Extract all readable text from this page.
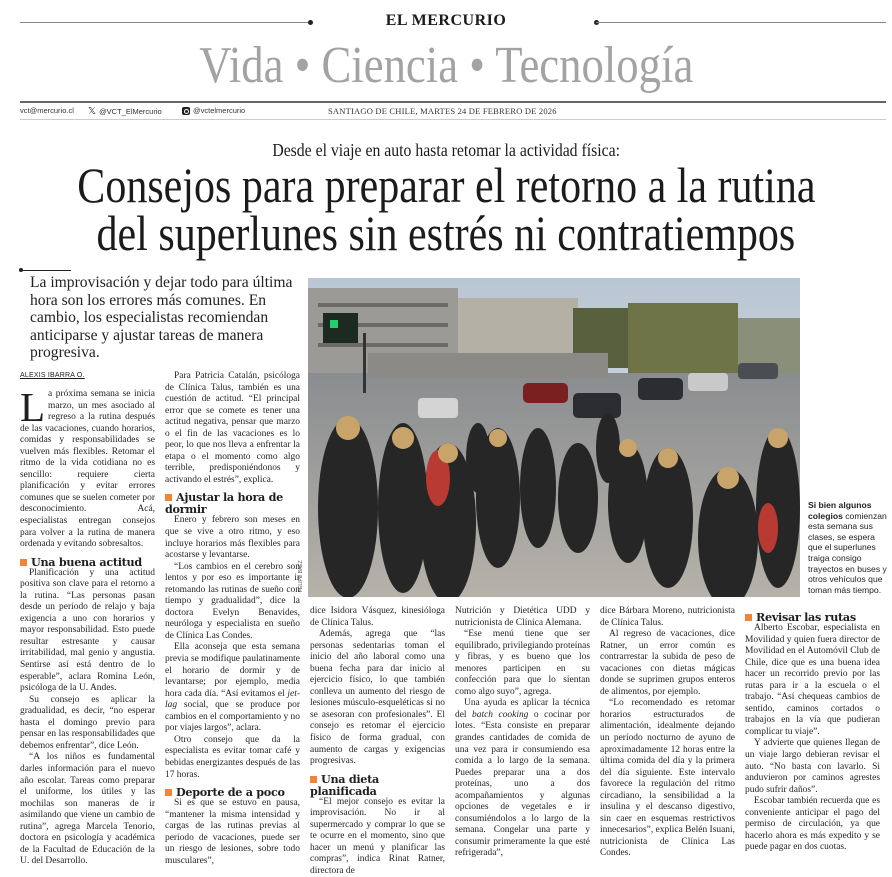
EL MERCURIO
Vida • Ciencia • Tecnología
vct@mercurio.cl 𝕏 @VCT_ElMercurio	@vctelmercurio	SANTIAGO DE CHILE, MARTES 24 DE FEBRERO DE 2026
Desde el viaje en auto hasta retomar la actividad física:
Consejos para preparar el retorno a la rutina
del superlunes sin estrés ni contratiempos
La improvisación y dejar todo para última hora son los errores más comunes. En cambio, los especialistas recomiendan anticiparse y ajustar tareas de manera progresiva.
ALEXIS IBARRA O.
FELIPE BAEZ
Si bien algunos colegios comienzan esta semana sus clases, se espera que el superlunes traiga consigo trayectos en buses y otros vehículos que toman más tiempo.

La próxima semana se inicia marzo, un mes asociado al regreso a la rutina después de las vacaciones, cuando horarios, comidas y responsabilidades se vuelven más flexibles. Retomar el ritmo de la vida cotidiana no es sencillo: requiere cierta planificación y evitar errores comunes que se suelen cometer por desconocimiento. Acá, especialistas entregan consejos para volver a la rutina de manera ordenada y evitando sobresaltos.

Una buena actitud

Planificación y una actitud positiva son clave para el retorno a la rutina. “Las personas pasan desde un período de relajo y baja exigencia a uno con horarios y mayor responsabilidad. Esto puede resultar estresante y causar irritabilidad, mal genio y angustia. Sentirse así está dentro de lo esperable”, aclara Romina León, psicóloga de la U. Andes.

Su consejo es aplicar la gradualidad, es decir, “no esperar hasta el domingo previo para pensar en las responsabilidades que debemos enfrentar”, dice León.

“A los niños es fundamental darles información para el nuevo año escolar. Tareas como preparar el uniforme, los útiles y las mochilas son maneras de ir asimilando que viene un cambio de rutina”, agrega Marcela Tenorio, doctora en psicología y académica de la Facultad de Educación de la U. del Desarrollo.

Para Patricia Catalán, psicóloga de Clínica Talus, también es una cuestión de actitud. “El principal error que se comete es tener una actitud negativa, pensar que marzo o el fin de las vacaciones es lo peor, lo que nos lleva a enfrentar la etapa o el momento como algo terrible, predisponiéndonos y activando el estrés”, explica.

Ajustar la hora de dormir

Enero y febrero son meses en que se vive a otro ritmo, y eso incluye horarios más flexibles para acostarse y levantarse.

“Los cambios en el cerebro son lentos y por eso es importante ir retomando las rutinas de sueño con tiempo y gradualidad”, dice la doctora Evelyn Benavides, neuróloga y especialista en sueño de Clínica Las Condes.

Ella aconseja que esta semana previa se modifique paulatinamente el horario de dormir y de levantarse; por ejemplo, media hora cada día. “Así evitamos el jet-lag social, que se produce por cambios en el comportamiento y no por viajes largos”, aclara.

Otro consejo que da la especialista es evitar tomar café y bebidas energizantes después de las 17 horas.

Deporte de a poco

Si es que se estuvo en pausa, “mantener la misma intensidad y cargas de las rutinas previas al período de vacaciones, puede ser un riesgo de lesiones, sobre todo musculares”,

dice Isidora Vásquez, kinesióloga de Clínica Talus.

Además, agrega que “las personas sedentarias toman el inicio del año laboral como una buena fecha para dar inicio al ejercicio físico, lo que también conlleva un aumento del riesgo de lesiones músculo-esqueléticas si no se asesoran con profesionales”. El consejo es retomar el ejercicio físico de forma gradual, con aumento de cargas y exigencias progresivas.

Una dieta planificada

“El mejor consejo es evitar la improvisación. No ir al supermercado y comprar lo que se te ocurre en el momento, sino que hacer un menú y planificar las compras”, indica Rinat Ratner, directora de

Nutrición y Dietética UDD y nutricionista de Clínica Alemana.

“Ese menú tiene que ser equilibrado, privilegiando proteínas y fibras, y es bueno que los menores participen en su confección para que lo sientan como algo suyo”, agrega.

Una ayuda es aplicar la técnica del batch cooking o cocinar por lotes. “Esta consiste en preparar grandes cantidades de comida de una vez para ir consumiendo esa comida a lo largo de la semana. Puedes preparar una a dos proteínas, uno a dos acompañamientos y algunas opciones de vegetales e ir consumiéndolos a lo largo de la semana. Congelar una parte y consumir primeramente la que esté refrigerada”,

dice Bárbara Moreno, nutricionista de Clínica Talus.

Al regreso de vacaciones, dice Ratner, un error común es contrarrestar la subida de peso de vacaciones con dietas mágicas donde se suprimen grupos enteros de alimentos, por ejemplo.

“Lo recomendado es retomar horarios estructurados de alimentación, idealmente dejando un período nocturno de ayuno de aproximadamente 12 horas entre la última comida del día y la primera del día siguiente. Este intervalo favorece la regulación del ritmo circadiano, la sensibilidad a la insulina y el descanso digestivo, sin caer en esquemas restrictivos innecesarios”, explica Belén Isuani, nutricionista de Clínica Las Condes.

Revisar las rutas

Alberto Escobar, especialista en Movilidad y quien fuera director de Movilidad en el Automóvil Club de Chile, dice que es una buena idea hacer un recorrido previo por las rutas para ir a la escuela o el trabajo. “Así chequeas cambios de sentido, caminos cortados o trabajos en la vía que pudieran complicar tu viaje”.

Y advierte que quienes llegan de un viaje largo debieran revisar el auto. “No basta con lavarlo. Si anduvieron por caminos agrestes pudo sufrir daños”.

Escobar también recuerda que es conveniente anticipar el pago del permiso de circulación, ya que hacerlo ahora es más expedito y se puede pagar en dos cuotas.
